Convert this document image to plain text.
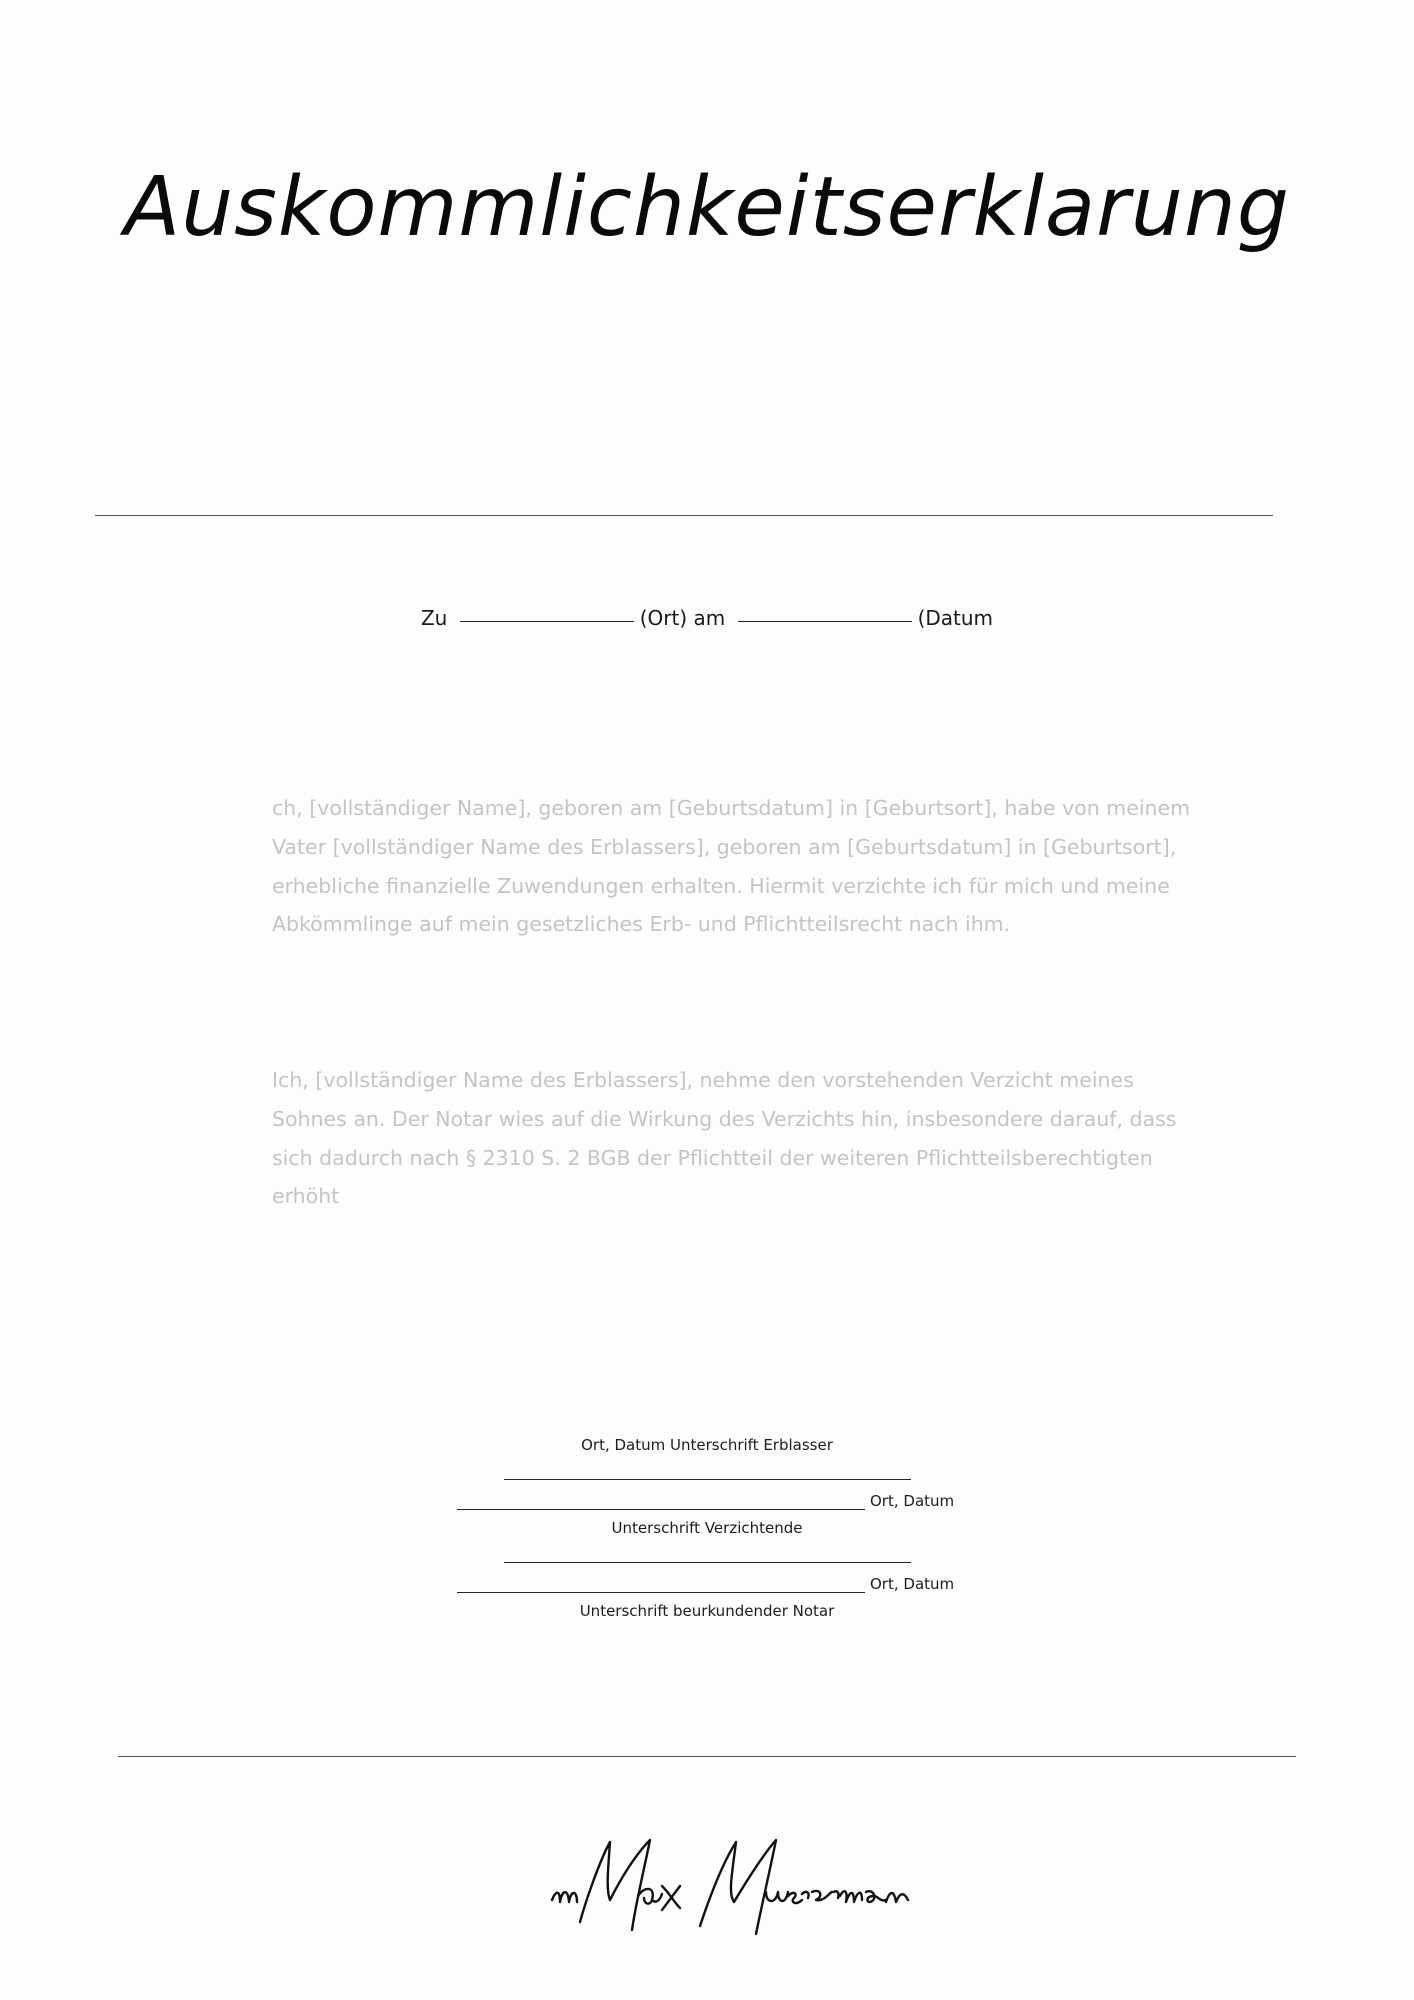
Auskommlichkeitserklarung
Zu	(Ort) am	(Datum

ch, [vollständiger Name], geboren am [Geburtsdatum] in [Geburtsort], habe von meinem Vater [vollständiger Name des Erblassers], geboren am [Geburtsdatum] in [Geburtsort], erhebliche finanzielle Zuwendungen erhalten. Hiermit verzichte ich für mich und meine Abkömmlinge auf mein gesetzliches Erb- und Pflichtteilsrecht nach ihm.

Ich, [vollständiger Name des Erblassers], nehme den vorstehenden Verzicht meines Sohnes an. Der Notar wies auf die Wirkung des Verzichts hin, insbesondere darauf, dass sich dadurch nach § 2310 S. 2 BGB der Pflichtteil der weiteren Pflichtteilsberechtigten erhöht

Ort, Datum Unterschrift Erblasser
Ort, Datum
Unterschrift Verzichtende
Ort, Datum
Unterschrift beurkundender Notar
